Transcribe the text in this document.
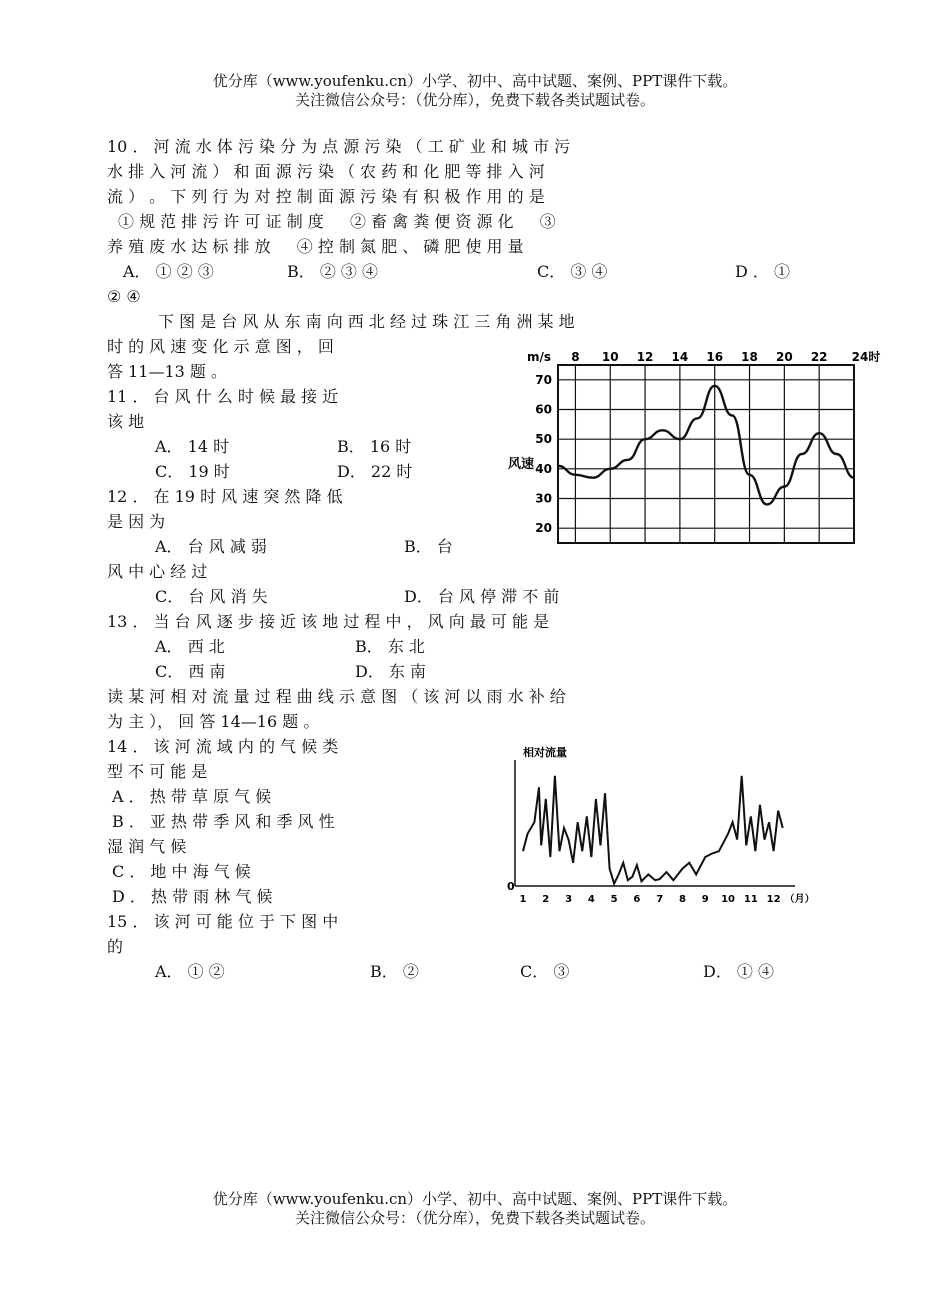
优分库（www.youfenku.cn）小学、初中、高中试题、案例、PPT课件下载。
关注微信公众号：（优分库），免费下载各类试题试卷。
10 ． 河 流 水 体 污 染 分 为 点 源 污 染 （ 工 矿 业 和 城 市 污
水 排 入 河 流 ） 和 面 源 污 染 （ 农 药 和 化 肥 等 排 入 河
流 ） 。 下 列 行 为 对 控 制 面 源 污 染 有 积 极 作 用 的 是
① 规 范 排 污 许 可 证 制 度 　 ② 畜 禽 粪 便 资 源 化 　 ③
养 殖 废 水 达 标 排 放 　 ④ 控 制 氮 肥 、 磷 肥 使 用 量
A． ① ② ③	B． ② ③ ④	C． ③ ④	D ． ①
② ④
下 图 是 台 风 从 东 南 向 西 北 经 过 珠 江 三 角 洲 某 地
时 的 风 速 变 化 示 意 图 ， 回
答 11—13 题 。
11 ． 台 风 什 么 时 候 最 接 近
该 地
A． 14 时	B． 16 时
C． 19 时	D． 22 时
12 ． 在 19 时 风 速 突 然 降 低
是 因 为
A． 台 风 减 弱	B． 台
风 中 心 经 过
C． 台 风 消 失	D． 台 风 停 滞 不 前
13 ． 当 台 风 逐 步 接 近 该 地 过 程 中 ， 风 向 最 可 能 是
A． 西 北	B． 东 北
C． 西 南	D． 东 南
读 某 河 相 对 流 量 过 程 曲 线 示 意 图 （ 该 河 以 雨 水 补 给
为 主 ）， 回 答 14—16 题 。
14 ． 该 河 流 域 内 的 气 候 类
型 不 可 能 是
A ． 热 带 草 原 气 候
B ． 亚 热 带 季 风 和 季 风 性
湿 润 气 候
C ． 地 中 海 气 候
D ． 热 带 雨 林 气 候
15 ． 该 河 可 能 位 于 下 图 中
的
A． ① ②	B． ②	C． ③	D． ① ④
8 10 12 14 16 18 20 22 24时
20
30
40
50
60
70
m/s
风速
相对流量
0
1 2 3 4 5 6 7 8 9 10 11 12 （月）
优分库（www.youfenku.cn）小学、初中、高中试题、案例、PPT课件下载。
关注微信公众号：（优分库），免费下载各类试题试卷。
